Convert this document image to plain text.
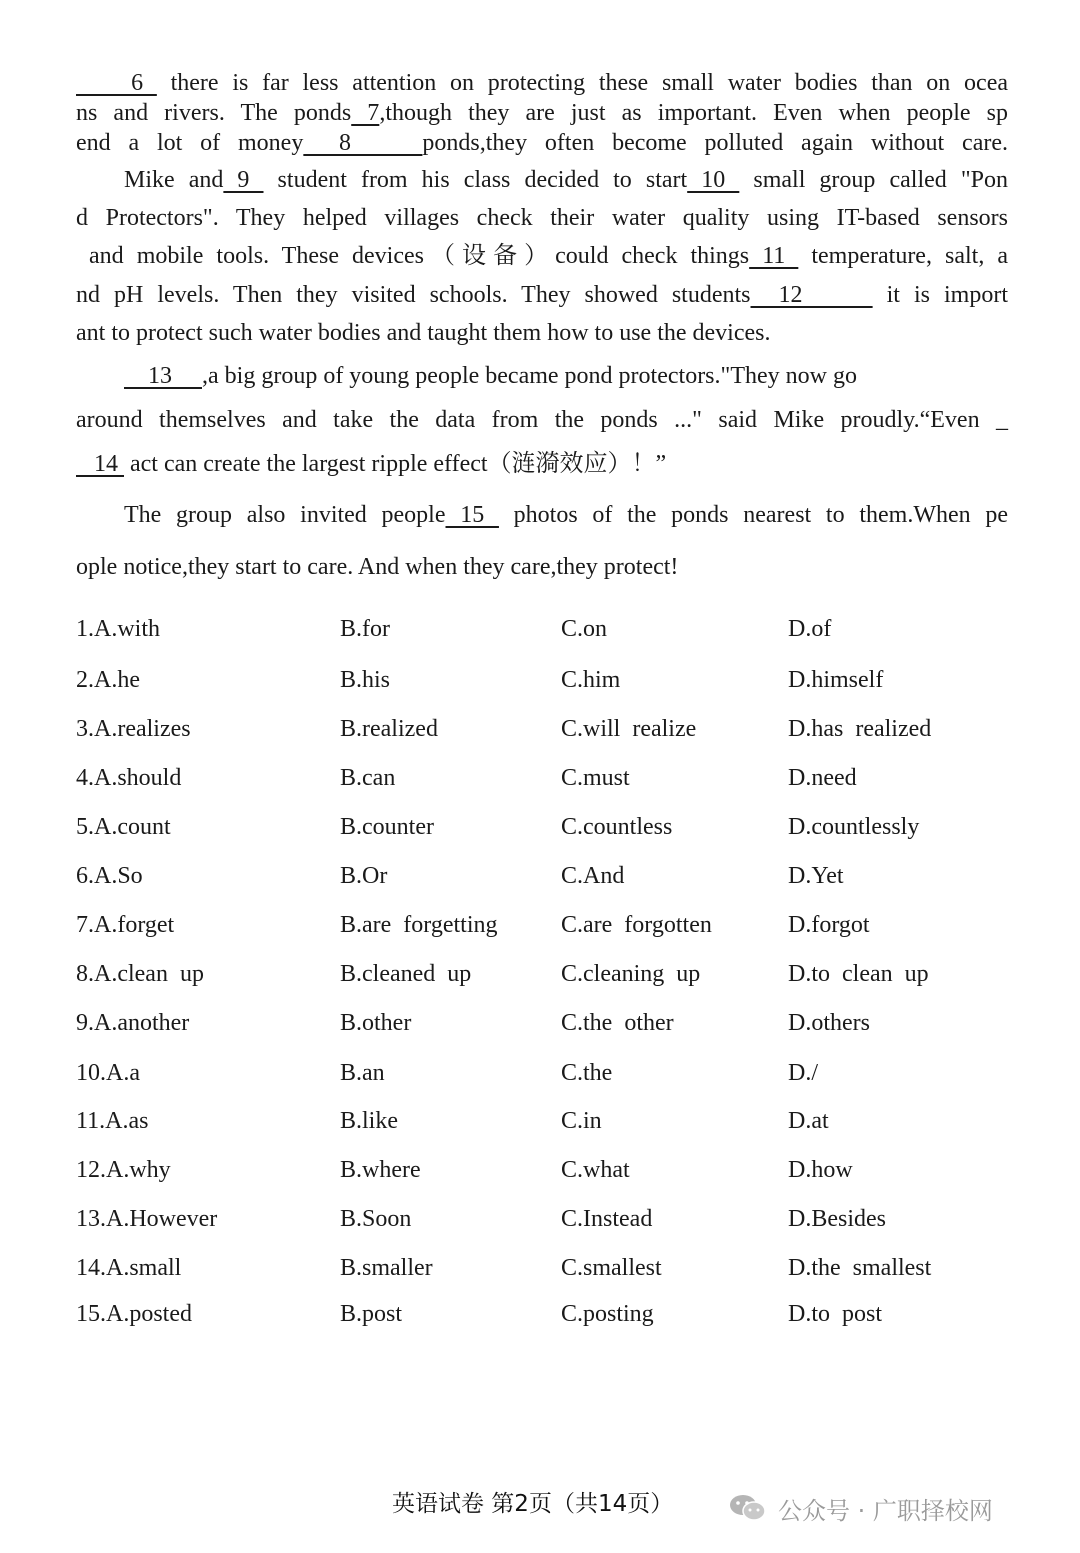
6  there is far less attention on protecting these small water bodies than on ocea
ns and rivers. The ponds 7,though they are just as important. Even when people sp
end a lot of money  8    ponds,they often become polluted again without care.
Mike and 9  student from his class decided to start 10  small group called "Pon
d Protectors". They helped villages check their water quality using IT-based sensors
and mobile tools. These devices（设备）could check things 11  temperature, salt, a
nd pH levels. Then they visited schools. They showed students  12      it is import
ant to protect such water bodies and taught them how to use the devices.
13     ,a big group of young people became pond protectors."They now go
around themselves and take the data from the ponds ..." said Mike proudly.“Even _
14  act can create the largest ripple effect（涟漪效应）！”
The group also invited people 15  photos of the ponds nearest to them.When pe
ople notice,they start to care. And when they care,they protect!
1.A.with	B.for	C.on	D.of
2.A.he	B.his	C.him	D.himself
3.A.realizes	B.realized	C.will  realize	D.has  realized
4.A.should	B.can	C.must	D.need
5.A.count	B.counter	C.countless	D.countlessly
6.A.So	B.Or	C.And	D.Yet
7.A.forget	B.are  forgetting	C.are  forgotten	D.forgot
8.A.clean  up	B.cleaned  up	C.cleaning  up	D.to  clean  up
9.A.another	B.other	C.the  other	D.others
10.A.a	B.an	C.the	D./
11.A.as	B.like	C.in	D.at
12.A.why	B.where	C.what	D.how
13.A.However	B.Soon	C.Instead	D.Besides
14.A.small	B.smaller	C.smallest	D.the  smallest
15.A.posted	B.post	C.posting	D.to  post
英语试卷 第2页（共14页）	公众号 · 广职择校网
